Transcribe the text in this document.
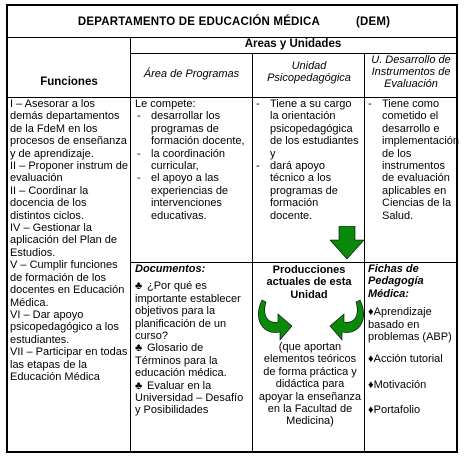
DEPARTAMENTO DE EDUCACIÓN MÉDICA	(DEM)
Areas y Unidades
Funciones
Área de Programas
Unidad Psicopedagógica
U. Desarrollo de Instrumentos de Evaluación
I – Asesorar a los demás departamentos de la FdeM en los procesos de enseñanza y de aprendizaje.
II – Proponer instrum de evaluación
II – Coordinar la docencia de los distintos ciclos.
IV – Gestionar la aplicación del Plan de Estudios.
V – Cumplir funciones de formación de los docentes en Educación Médica.
VI – Dar apoyo psicopedagógico a los estudiantes.
VII – Participar en todas las etapas de la Educación Médica
Le compete:
- desarrollar los programas de formación docente,
- la coordinación curricular,
- el apoyo a las experiencias de intervenciones educativas.
- Tiene a su cargo la orientación psicopedagógica de los estudiantes y
- dará apoyo técnico a los programas de formación docente.
- Tiene como cometido el desarrollo e implementación de los instrumentos de evaluación aplicables en Ciencias de la Salud.
Documentos:
♣ ¿Por qué es importante establecer objetivos para la planificación de un curso?
♣ Glosario de Términos para la educación médica.
♣ Evaluar en la Universidad – Desafío y Posibilidades
Producciones actuales de esta Unidad
(que aportan elementos teóricos de forma práctica y didáctica para apoyar la enseñanza en la Facultad de Medicina)
Fichas de Pedagogía Médica:
♦Aprendizaje basado en problemas (ABP)
♦Acción tutorial
♦Motivación
♦Portafolio
